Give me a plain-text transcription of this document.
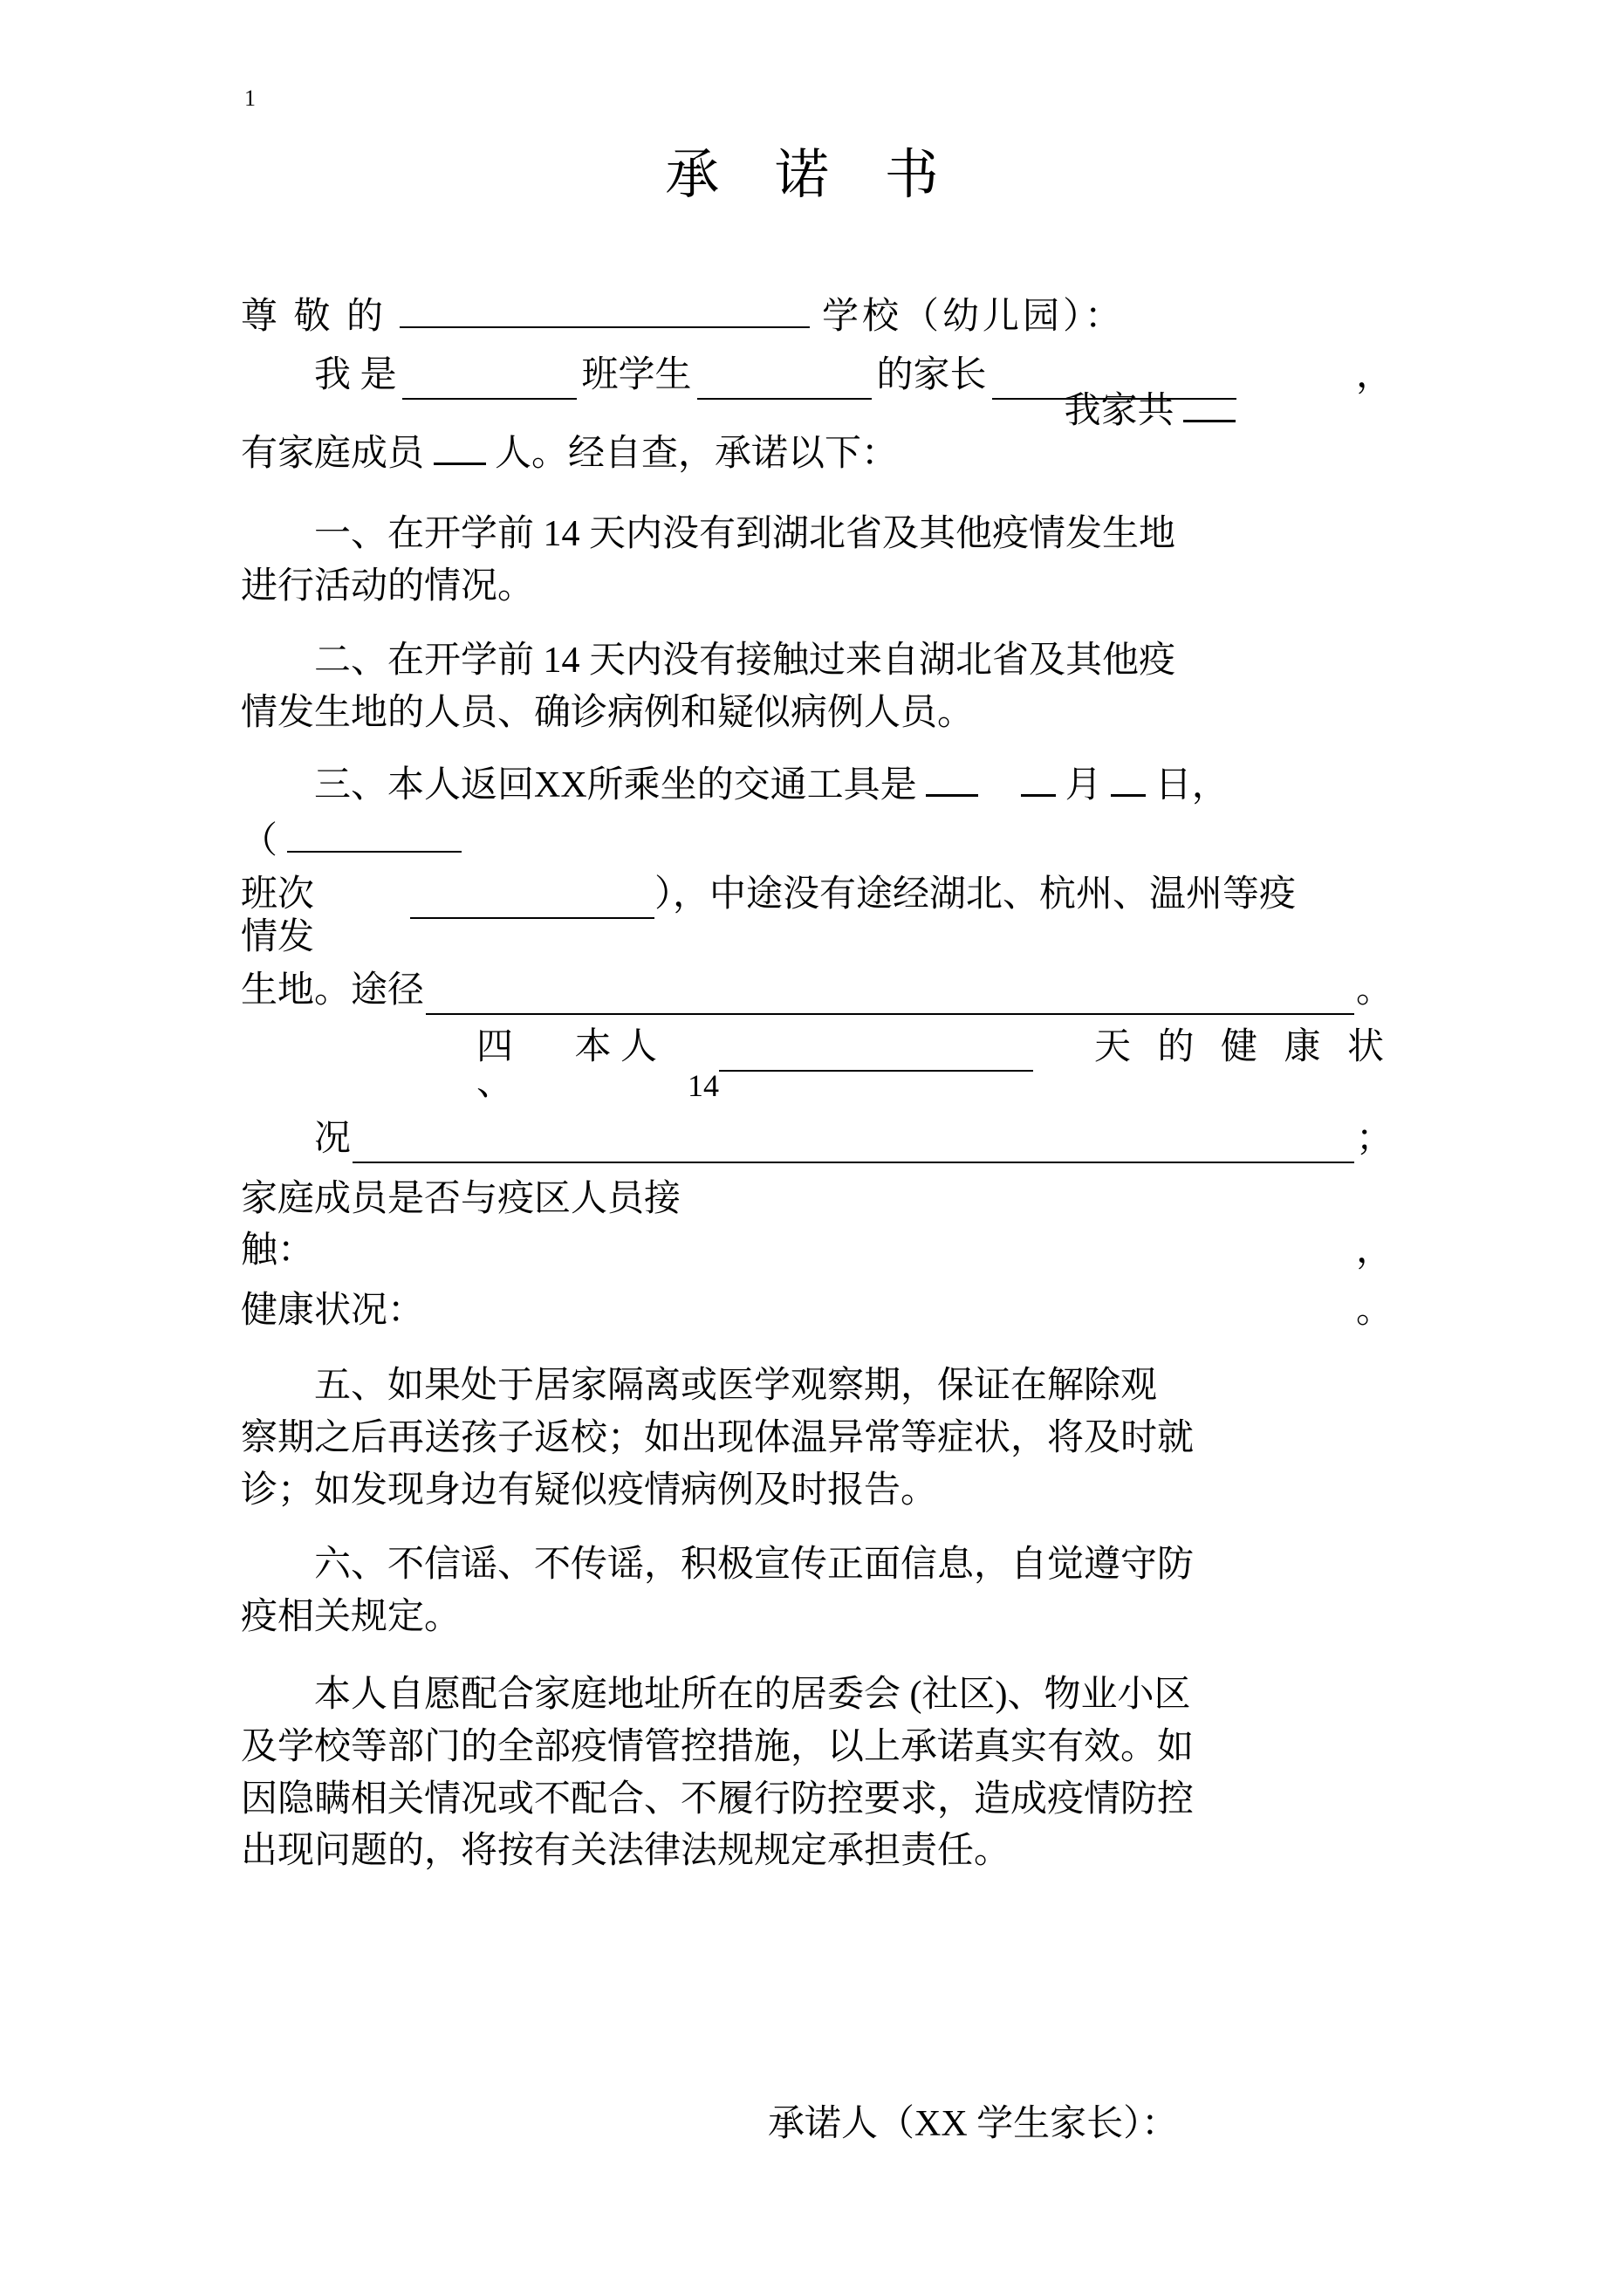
1
承 诺 书
尊 敬 的	学校（幼儿园）：
我 是	班学生	的家长	，
我家共
有家庭成员 人。经自查，承诺以下：
一、在开学前 14 天内没有到湖北省及其他疫情发生地
进行活动的情况。
二、在开学前 14 天内没有接触过来自湖北省及其他疫
情发生地的人员、确诊病例和疑似病例人员。
三、本人返回XX所乘坐的交通工具是	月 日，
（
班次	），中途没有途经湖北、杭州、温州等疫
情发
生地。途径	。
四 本 人	天 的 健 康 状
、	14
况	；
家庭成员是否与疫区人员接
触：	，
健康状况：	。
五、如果处于居家隔离或医学观察期，保证在解除观
察期之后再送孩子返校；如出现体温异常等症状，将及时就
诊；如发现身边有疑似疫情病例及时报告。
六、不信谣、不传谣，积极宣传正面信息，自觉遵守防
疫相关规定。
本人自愿配合家庭地址所在的居委会 (社区)、物业小区
及学校等部门的全部疫情管控措施，以上承诺真实有效。如
因隐瞒相关情况或不配合、不履行防控要求，造成疫情防控
出现问题的，将按有关法律法规规定承担责任。
承诺人（XX 学生家长）：
